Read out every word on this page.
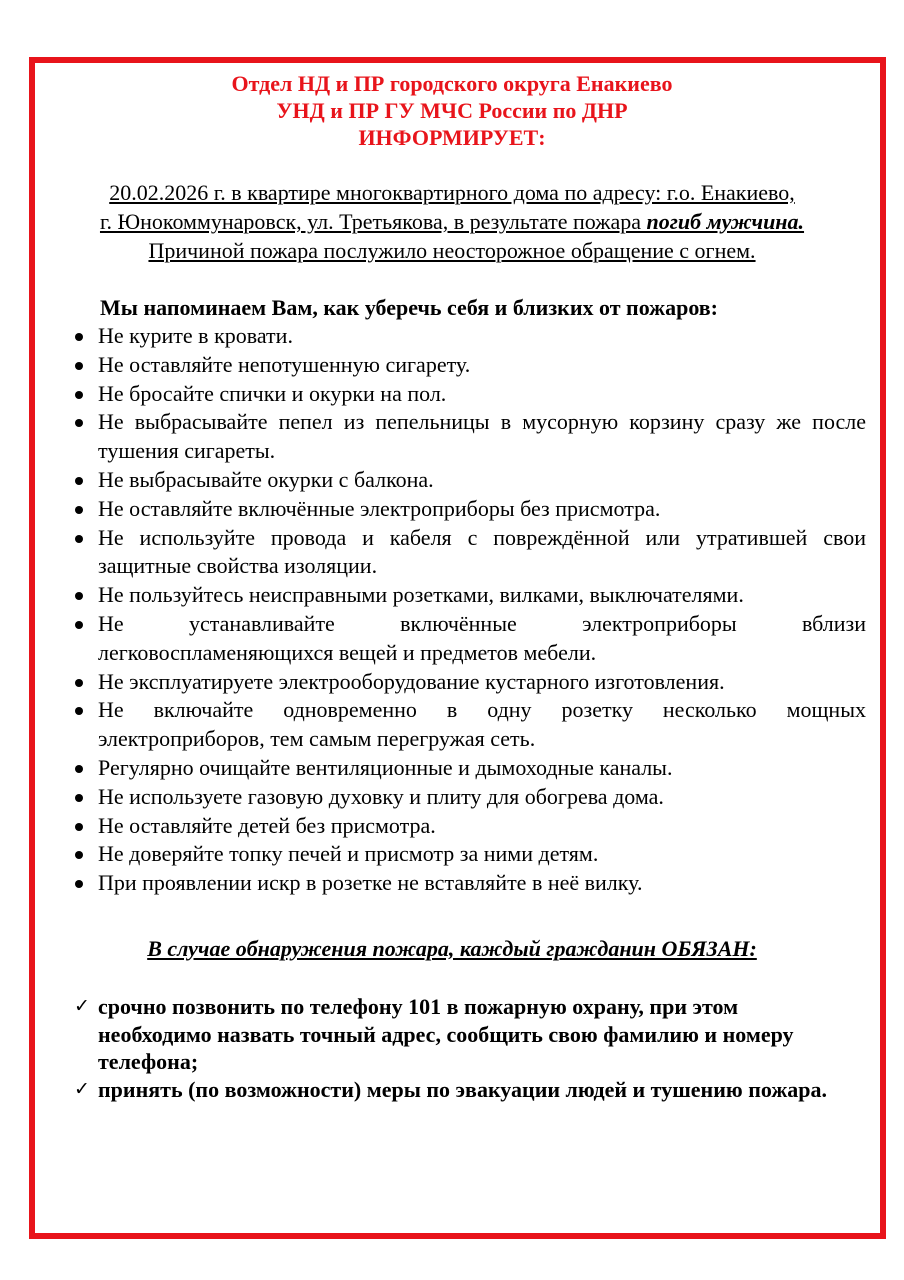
Отдел НД и ПР городского округа Енакиево
УНД и ПР ГУ МЧС России по ДНР
ИНФОРМИРУЕТ:
20.02.2026 г. в квартире многоквартирного дома по адресу: г.о. Енакиево,
г. Юнокоммунаровск, ул. Третьякова, в результате пожара погиб мужчина.
Причиной пожара послужило неосторожное обращение с огнем.
Мы напоминаем Вам, как уберечь себя и близких от пожаров:
Не курите в кровати.
Не оставляйте непотушенную сигарету.
Не бросайте спички и окурки на пол.
Не выбрасывайте пепел из пепельницы в мусорную корзину сразу же после тушения сигареты.
Не выбрасывайте окурки с балкона.
Не оставляйте включённые электроприборы без присмотра.
Не используйте провода и кабеля с повреждённой или утратившей свои защитные свойства изоляции.
Не пользуйтесь неисправными розетками, вилками, выключателями.
Не устанавливайте включённые электроприборы вблизи легковоспламеняющихся вещей и предметов мебели.
Не эксплуатируете электрооборудование кустарного изготовления.
Не включайте одновременно в одну розетку несколько мощных электроприборов, тем самым перегружая сеть.
Регулярно очищайте вентиляционные и дымоходные каналы.
Не используете газовую духовку и плиту для обогрева дома.
Не оставляйте детей без присмотра.
Не доверяйте топку печей и присмотр за ними детям.
При проявлении искр в розетке не вставляйте в неё вилку.
В случае обнаружения пожара, каждый гражданин ОБЯЗАН:
✓ срочно позвонить по телефону 101 в пожарную охрану, при этом необходимо назвать точный адрес, сообщить свою фамилию и номеру телефона;
✓ принять (по возможности) меры по эвакуации людей и тушению пожара.
